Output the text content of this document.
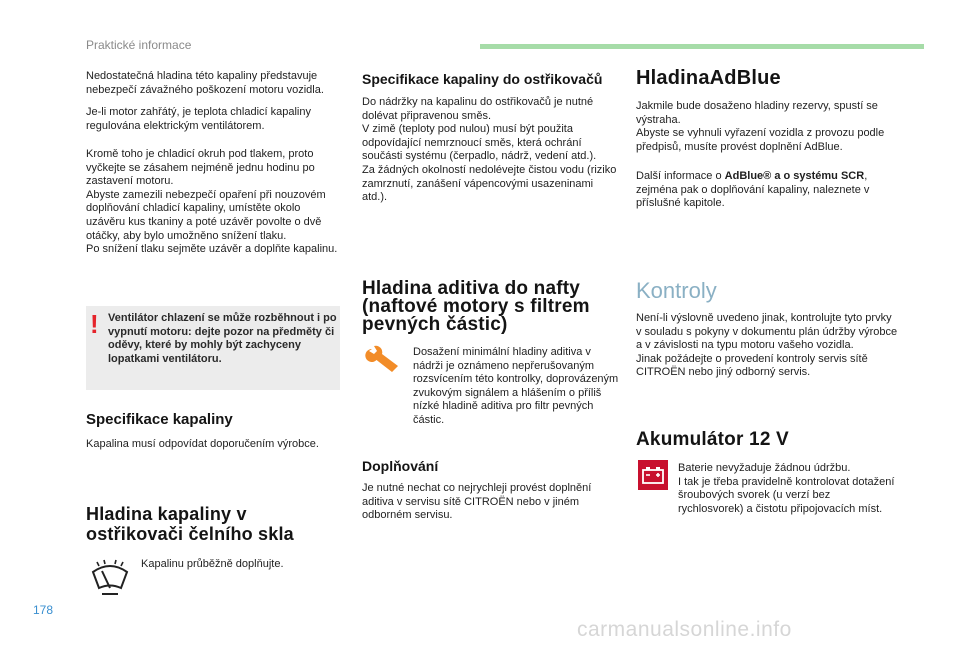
Praktické informace
Nedostatečná hladina této kapaliny představuje nebezpečí závažného poškození motoru vozidla.
Je-li motor zahřátý, je teplota chladicí kapaliny regulována elektrickým ventilátorem.
Kromě toho je chladicí okruh pod tlakem, proto vyčkejte se zásahem nejméně jednu hodinu po zastavení motoru.
Abyste zamezili nebezpečí opaření při nouzovém doplňování chladicí kapaliny, umístěte okolo uzávěru kus tkaniny a poté uzávěr povolte o dvě otáčky, aby bylo umožněno snížení tlaku.
Po snížení tlaku sejměte uzávěr a doplňte kapalinu.
! Ventilátor chlazení se může rozběhnout i po vypnutí motoru: dejte pozor na předměty či oděvy, které by mohly být zachyceny lopatkami ventilátoru.
Specifikace kapaliny
Kapalina musí odpovídat doporučením výrobce.
Hladina kapaliny v ostřikovači čelního skla
Kapalinu průběžně doplňujte.
Specifikace kapaliny do ostřikovačů
Do nádržky na kapalinu do ostřikovačů je nutné dolévat připravenou směs.
V zimě (teploty pod nulou) musí být použita odpovídající nemrznoucí směs, která ochrání součásti systému (čerpadlo, nádrž, vedení atd.).
Za žádných okolností nedolévejte čistou vodu (riziko zamrznutí, zanášení vápencovými usazeninami atd.).
Hladina aditiva do nafty (naftové motory s filtrem pevných částic)
Dosažení minimální hladiny aditiva v nádrži je oznámeno nepřerušovaným rozsvícením této kontrolky, doprovázeným zvukovým signálem a hlášením o příliš nízké hladině aditiva pro filtr pevných částic.
Doplňování
Je nutné nechat co nejrychleji provést doplnění aditiva v servisu sítě CITROËN nebo v jiném odborném servisu.
HladinaAdBlue
Jakmile bude dosaženo hladiny rezervy, spustí se výstraha.
Abyste se vyhnuli vyřazení vozidla z provozu podle předpisů, musíte provést doplnění AdBlue.
Další informace o AdBlue® a o systému SCR, zejména pak o doplňování kapaliny, naleznete v příslušné kapitole.
Kontroly
Není-li výslovně uvedeno jinak, kontrolujte tyto prvky v souladu s pokyny v dokumentu plán údržby výrobce a v závislosti na typu motoru vašeho vozidla.
Jinak požádejte o provedení kontroly servis sítě CITROËN nebo jiný odborný servis.
Akumulátor 12 V
Baterie nevyžaduje žádnou údržbu.
I tak je třeba pravidelně kontrolovat dotažení šroubových svorek (u verzí bez rychlosvorek) a čistotu připojovacích míst.
178
carmanualsonline.info
